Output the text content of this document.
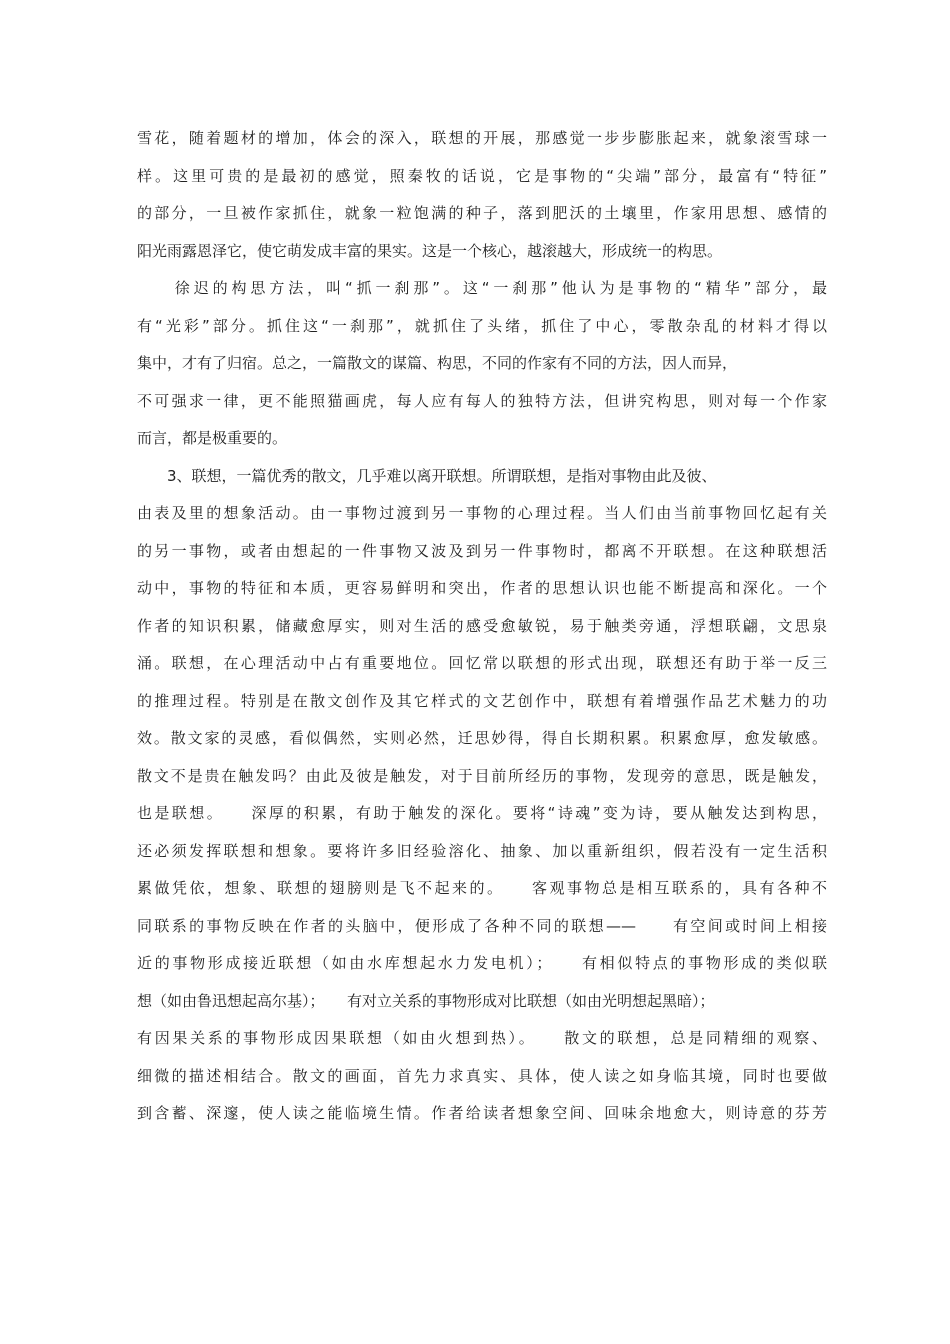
雪花，随着题材的增加，体会的深入，联想的开展，那感觉一步步膨胀起来，就象滚雪球一
样。这里可贵的是最初的感觉，照秦牧的话说，它是事物的“尖端”部分，最富有“特征”
的部分，一旦被作家抓住，就象一粒饱满的种子，落到肥沃的土壤里，作家用思想、感情的
阳光雨露恩泽它，使它萌发成丰富的果实。这是一个核心，越滚越大，形成统一的构思。
　　徐迟的构思方法，叫“抓一刹那”。这“一刹那”他认为是事物的“精华”部分，最
有“光彩”部分。抓住这“一刹那”，就抓住了头绪，抓住了中心，零散杂乱的材料才得以
集中，才有了归宿。总之，一篇散文的谋篇、构思，不同的作家有不同的方法，因人而异，
不可强求一律，更不能照猫画虎，每人应有每人的独特方法，但讲究构思，则对每一个作家
而言，都是极重要的。
　　3、联想，一篇优秀的散文，几乎难以离开联想。所谓联想，是指对事物由此及彼、
由表及里的想象活动。由一事物过渡到另一事物的心理过程。当人们由当前事物回忆起有关
的另一事物，或者由想起的一件事物又波及到另一件事物时，都离不开联想。在这种联想活
动中，事物的特征和本质，更容易鲜明和突出，作者的思想认识也能不断提高和深化。一个
作者的知识积累，储藏愈厚实，则对生活的感受愈敏锐，易于触类旁通，浮想联翩，文思泉
涌。联想，在心理活动中占有重要地位。回忆常以联想的形式出现，联想还有助于举一反三
的推理过程。特别是在散文创作及其它样式的文艺创作中，联想有着增强作品艺术魅力的功
效。散文家的灵感，看似偶然，实则必然，迁思妙得，得自长期积累。积累愈厚，愈发敏感。
散文不是贵在触发吗？由此及彼是触发，对于目前所经历的事物，发现旁的意思，既是触发，
也是联想。　　深厚的积累，有助于触发的深化。要将“诗魂”变为诗，要从触发达到构思，
还必须发挥联想和想象。要将许多旧经验溶化、抽象、加以重新组织，假若没有一定生活积
累做凭依，想象、联想的翅膀则是飞不起来的。　　客观事物总是相互联系的，具有各种不
同联系的事物反映在作者的头脑中，便形成了各种不同的联想——　　有空间或时间上相接
近的事物形成接近联想（如由水库想起水力发电机）；　　有相似特点的事物形成的类似联
想（如由鲁迅想起高尔基）；　　有对立关系的事物形成对比联想（如由光明想起黑暗）；
有因果关系的事物形成因果联想（如由火想到热）。　　散文的联想，总是同精细的观察、
细微的描述相结合。散文的画面，首先力求真实、具体，使人读之如身临其境，同时也要做
到含蓄、深邃，使人读之能临境生情。作者给读者想象空间、回味余地愈大，则诗意的芬芳
